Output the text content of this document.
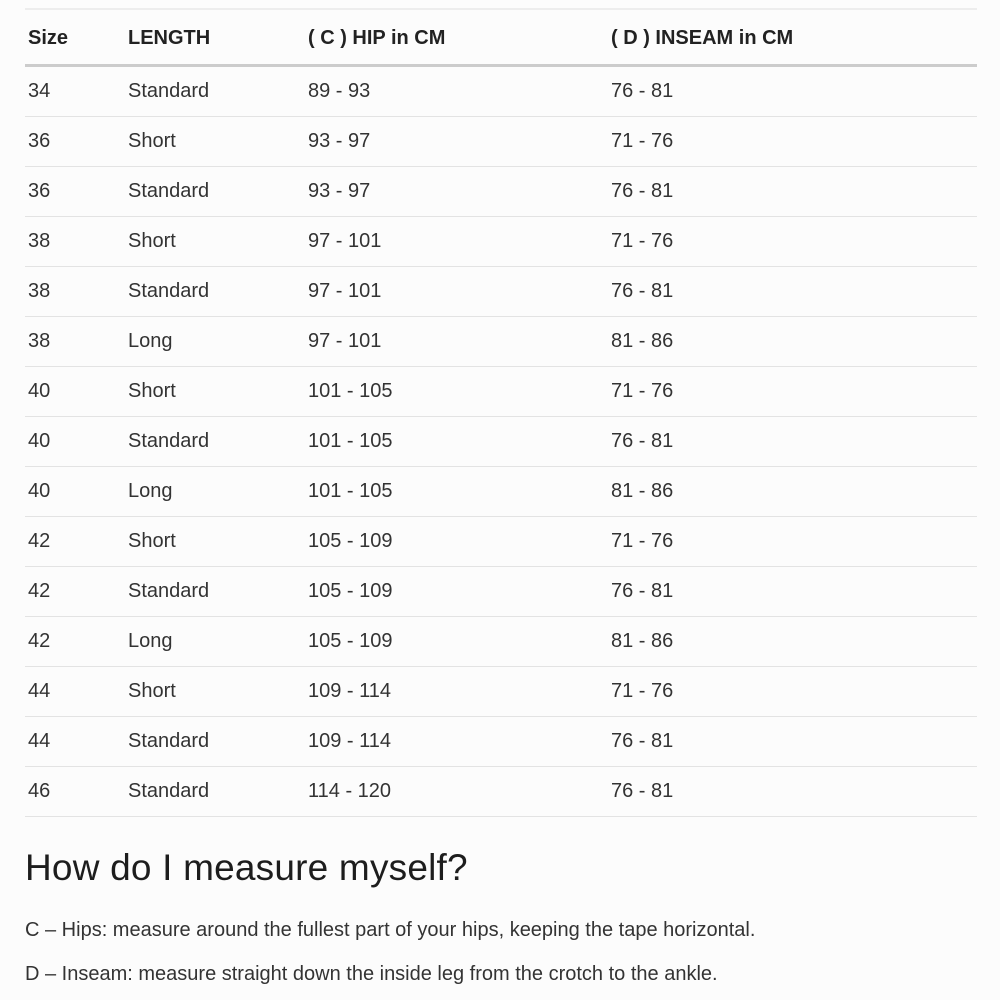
Size	LENGTH	( C ) HIP in CM	( D ) INSEAM in CM
34	Standard	89 - 93	76 - 81
36	Short	93 - 97	71 - 76
36	Standard	93 - 97	76 - 81
38	Short	97 - 101	71 - 76
38	Standard	97 - 101	76 - 81
38	Long	97 - 101	81 - 86
40	Short	101 - 105	71 - 76
40	Standard	101 - 105	76 - 81
40	Long	101 - 105	81 - 86
42	Short	105 - 109	71 - 76
42	Standard	105 - 109	76 - 81
42	Long	105 - 109	81 - 86
44	Short	109 - 114	71 - 76
44	Standard	109 - 114	76 - 81
46	Standard	114 - 120	76 - 81
How do I measure myself?

C – Hips: measure around the fullest part of your hips, keeping the tape horizontal.

D – Inseam: measure straight down the inside leg from the crotch to the ankle.
